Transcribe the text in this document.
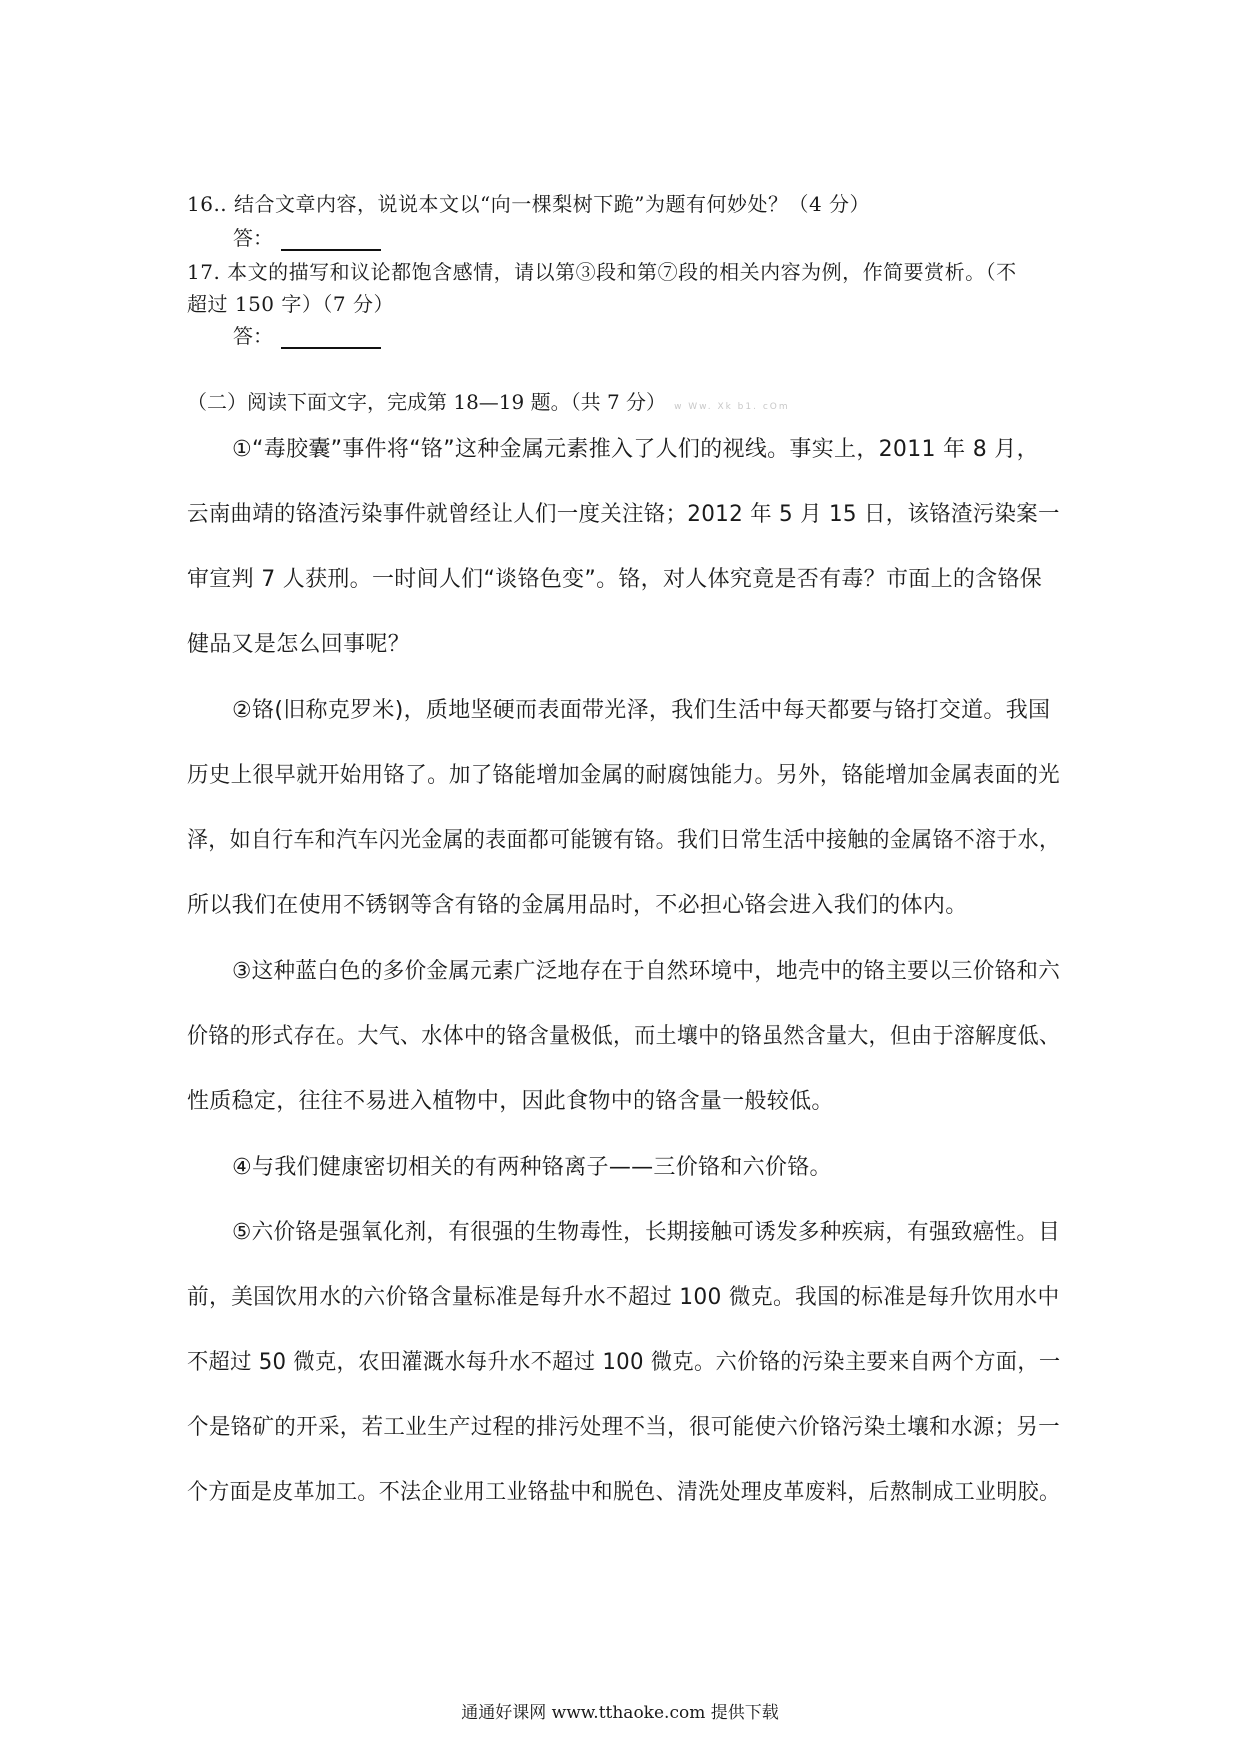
16.. 结合文章内容，说说本文以“向一棵梨树下跪”为题有何妙处？（4 分）
答：
17. 本文的描写和议论都饱含感情，请以第③段和第⑦段的相关内容为例，作简要赏析。（不
超过 150 字）（7 分）
答：
（二）阅读下面文字，完成第 18—19 题。（共 7 分） w Ww. Xk b1. cOm
①“毒胶囊”事件将“铬”这种金属元素推入了人们的视线。事实上，2011 年 8 月，
云南曲靖的铬渣污染事件就曾经让人们一度关注铬；2012 年 5 月 15 日，该铬渣污染案一
审宣判 7 人获刑。一时间人们“谈铬色变”。铬，对人体究竟是否有毒？市面上的含铬保
健品又是怎么回事呢？
②铬(旧称克罗米)，质地坚硬而表面带光泽，我们生活中每天都要与铬打交道。我国
历史上很早就开始用铬了。加了铬能增加金属的耐腐蚀能力。另外，铬能增加金属表面的光
泽，如自行车和汽车闪光金属的表面都可能镀有铬。我们日常生活中接触的金属铬不溶于水，
所以我们在使用不锈钢等含有铬的金属用品时，不必担心铬会进入我们的体内。
③这种蓝白色的多价金属元素广泛地存在于自然环境中，地壳中的铬主要以三价铬和六
价铬的形式存在。大气、水体中的铬含量极低，而土壤中的铬虽然含量大，但由于溶解度低、
性质稳定，往往不易进入植物中，因此食物中的铬含量一般较低。
④与我们健康密切相关的有两种铬离子——三价铬和六价铬。
⑤六价铬是强氧化剂，有很强的生物毒性，长期接触可诱发多种疾病，有强致癌性。目
前，美国饮用水的六价铬含量标准是每升水不超过 100 微克。我国的标准是每升饮用水中
不超过 50 微克，农田灌溉水每升水不超过 100 微克。六价铬的污染主要来自两个方面，一
个是铬矿的开采，若工业生产过程的排污处理不当，很可能使六价铬污染土壤和水源；另一
个方面是皮革加工。不法企业用工业铬盐中和脱色、清洗处理皮革废料，后熬制成工业明胶。
通通好课网 www.tthaoke.com 提供下载
